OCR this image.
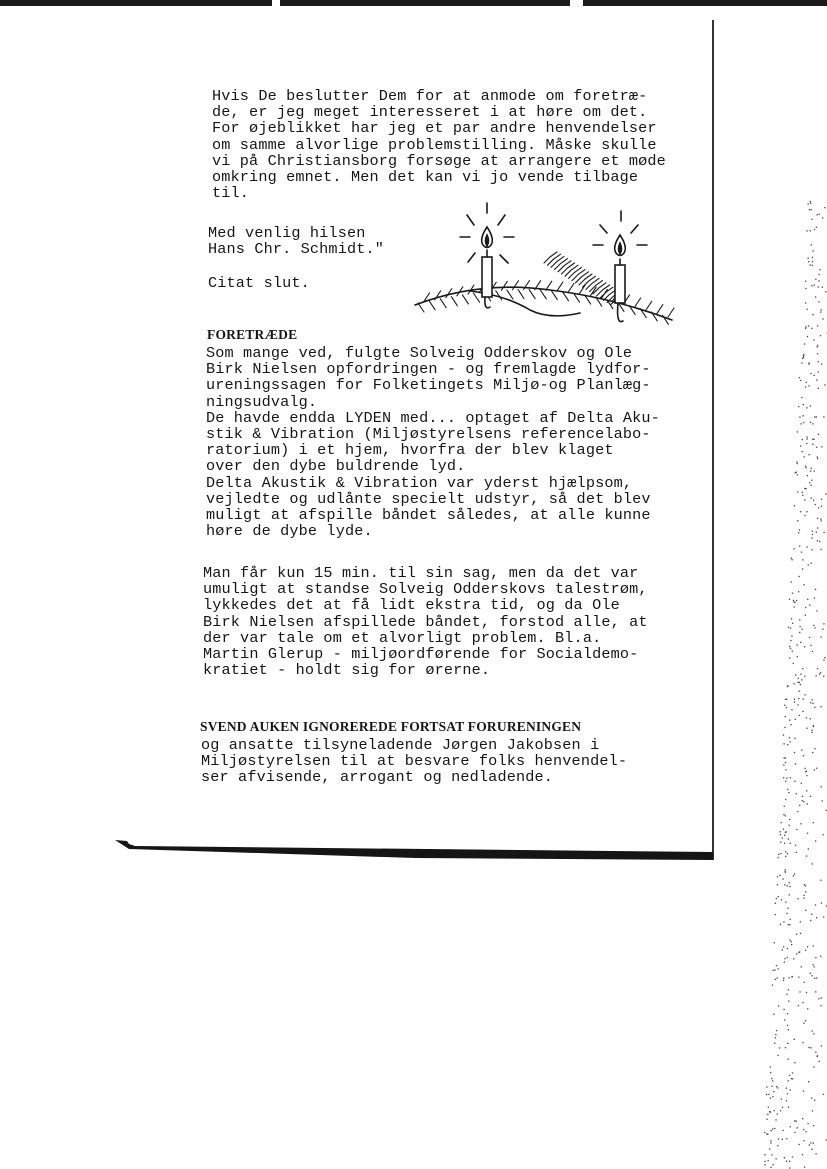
Hvis De beslutter Dem for at anmode om foretræ-
de, er jeg meget interesseret i at høre om det.
For øjeblikket har jeg et par andre henvendelser
om samme alvorlige problemstilling. Måske skulle
vi på Christiansborg forsøge at arrangere et møde
omkring emnet. Men det kan vi jo vende tilbage
til.
Med venlig hilsen
Hans Chr. Schmidt."
Citat slut.
FORETRÆDE
Som mange ved, fulgte Solveig Odderskov og Ole
Birk Nielsen opfordringen - og fremlagde lydfor-
ureningssagen for Folketingets Miljø-og Planlæg-
ningsudvalg.
De havde endda LYDEN med... optaget af Delta Aku-
stik & Vibration (Miljøstyrelsens referencelabo-
ratorium) i et hjem, hvorfra der blev klaget
over den dybe buldrende lyd.
Delta Akustik & Vibration var yderst hjælpsom,
vejledte og udlånte specielt udstyr, så det blev
muligt at afspille båndet således, at alle kunne
høre de dybe lyde.
Man får kun 15 min. til sin sag, men da det var
umuligt at standse Solveig Odderskovs talestrøm,
lykkedes det at få lidt ekstra tid, og da Ole
Birk Nielsen afspillede båndet, forstod alle, at
der var tale om et alvorligt problem. Bl.a.
Martin Glerup - miljøordførende for Socialdemo-
kratiet - holdt sig for ørerne.
SVEND AUKEN IGNOREREDE FORTSAT FORURENINGEN
og ansatte tilsyneladende Jørgen Jakobsen i
Miljøstyrelsen til at besvare folks henvendel-
ser afvisende, arrogant og nedladende.
